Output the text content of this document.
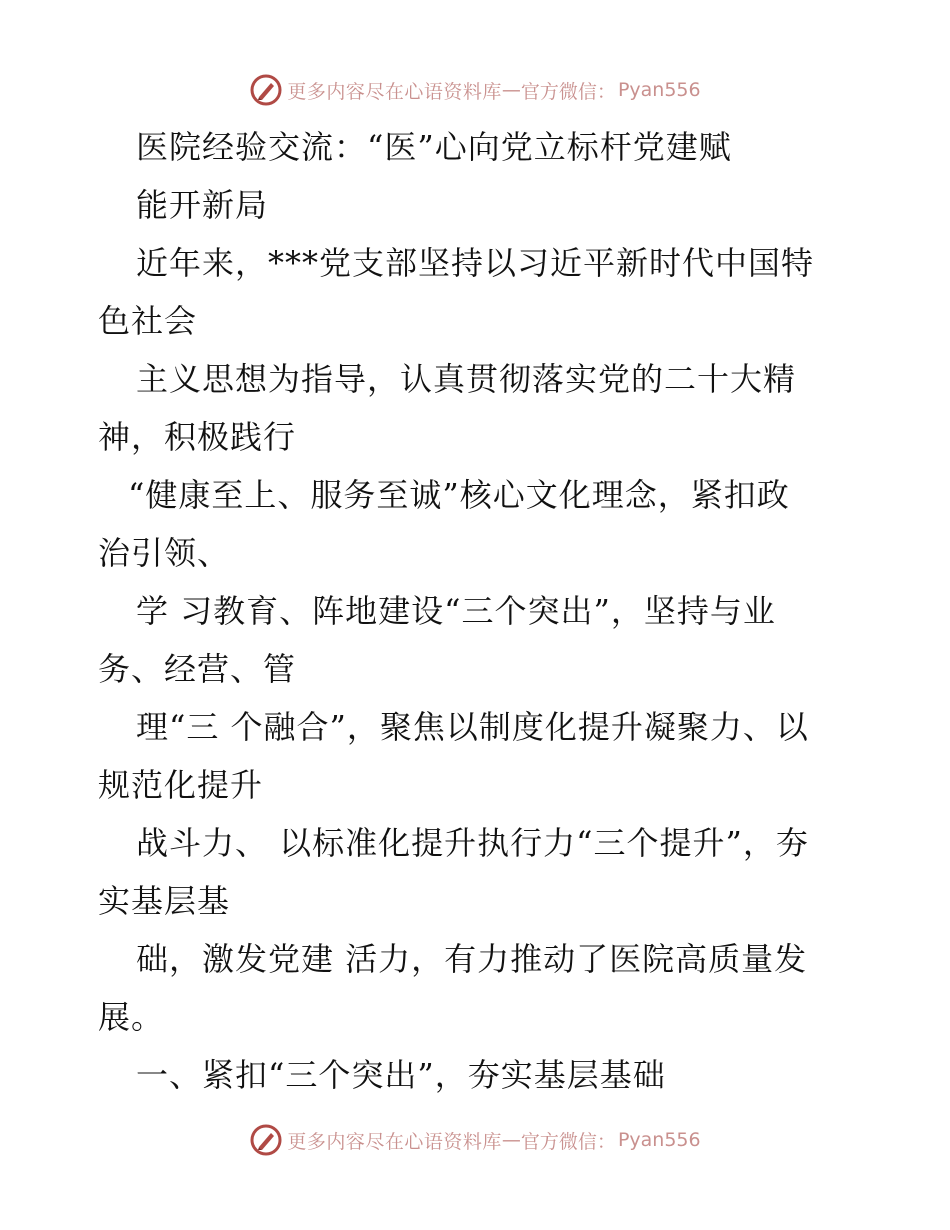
更多内容尽在心语资料库 — 官方微信： Pyan556
医院经验交流：“医”心向党立标杆党建赋
能开新局
近年来，***党支部坚持以习近平新时代中国特
色社会
主义思想为指导，认真贯彻落实党的二十大精
神，积极践行
“健康至上、服务至诚”核心文化理念，紧扣政
治引领、
学 习教育、阵地建设“三个突出”，坚持与业
务、经营、管
理“三 个融合”，聚焦以制度化提升凝聚力、以
规范化提升
战斗力、 以标准化提升执行力“三个提升”，夯
实基层基
础，激发党建 活力，有力推动了医院高质量发
展。
一、紧扣“三个突出”，夯实基层基础
更多内容尽在心语资料库 — 官方微信： Pyan556
